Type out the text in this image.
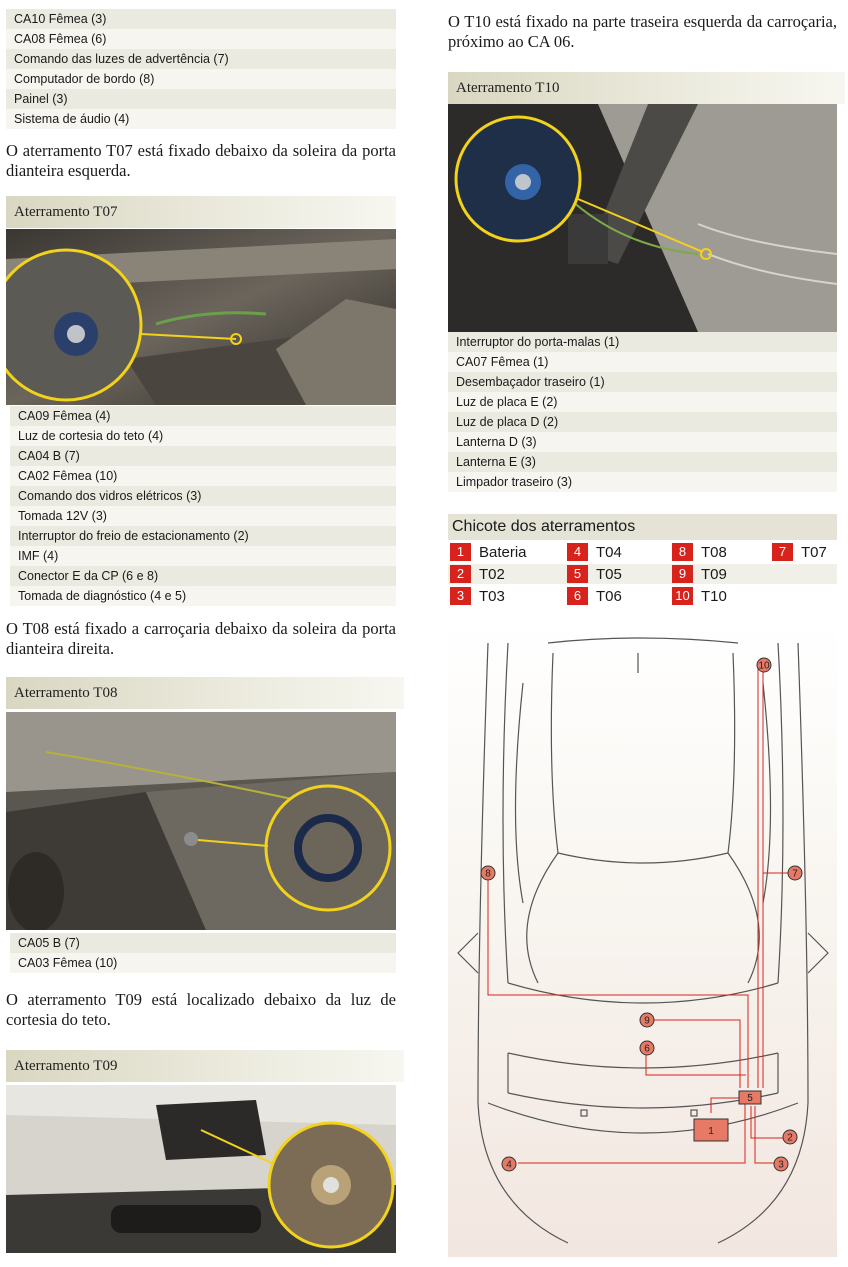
CA10 Fêmea (3)
CA08 Fêmea (6)
Comando das luzes de advertência (7)
Computador de bordo (8)
Painel (3)
Sistema de áudio (4)

O aterramento T07 está fixado debaixo da soleira da porta dianteira esquerda.

Aterramento T07
CA09 Fêmea (4)
Luz de cortesia do teto (4)
CA04 B (7)
CA02 Fêmea (10)
Comando dos vidros elétricos (3)
Tomada 12V (3)
Interruptor do freio de estacionamento (2)
IMF (4)
Conector E da CP (6 e 8)
Tomada de diagnóstico (4 e 5)

O T08 está fixado a carroçaria debaixo da soleira da porta dianteira direita.

Aterramento T08
CA05 B (7)
CA03 Fêmea (10)

O aterramento T09 está localizado debaixo da luz de cortesia do teto.

Aterramento T09

O T10 está fixado na parte traseira esquerda da carroçaria, próximo ao CA 06.

Aterramento T10
Interruptor do porta-malas (1)
CA07 Fêmea (1)
Desembaçador traseiro (1)
Luz de placa E (2)
Luz de placa D (2)
Lanterna D (3)
Lanterna E (3)
Limpador traseiro (3)
Chicote dos aterramentos
1 Bateria	4 T04	8 T08	7 T07
2 T02	5 T05	9 T09
3 T03	6 T06	10 T10
10
8	7
9
6
5
1
2
4	3
